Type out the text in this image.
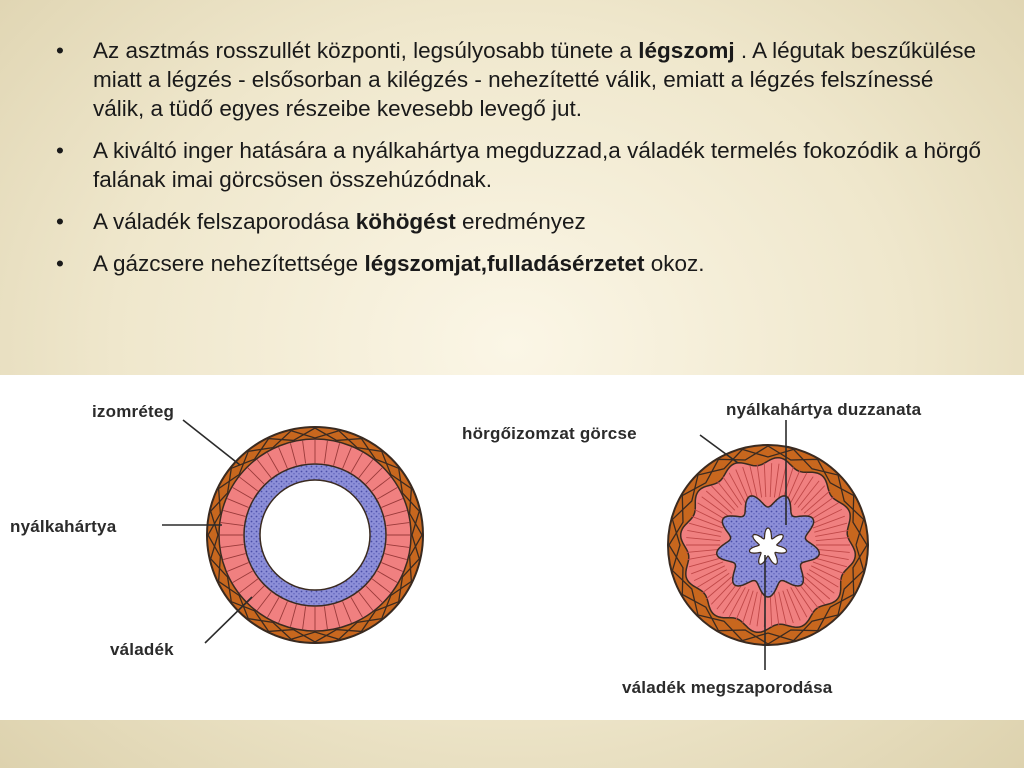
• Az asztmás rosszullét központi, legsúlyosabb tünete a légszomj . A légutak beszűkülése miatt a légzés - elsősorban a kilégzés - nehezítetté válik, emiatt a légzés felszínessé válik, a tüdő egyes részeibe kevesebb levegő jut.
• A kiváltó inger hatására a nyálkahártya megduzzad,a váladék termelés fokozódik a hörgő falának imai görcsösen összehúzódnak.
• A váladék felszaporodása köhögést eredményez
• A gázcsere nehezítettsége légszomjat,fulladásérzetet okoz.
izomréteg
nyálkahártya
váladék
hörgőizomzat görcse
nyálkahártya duzzanata
váladék megszaporodása
